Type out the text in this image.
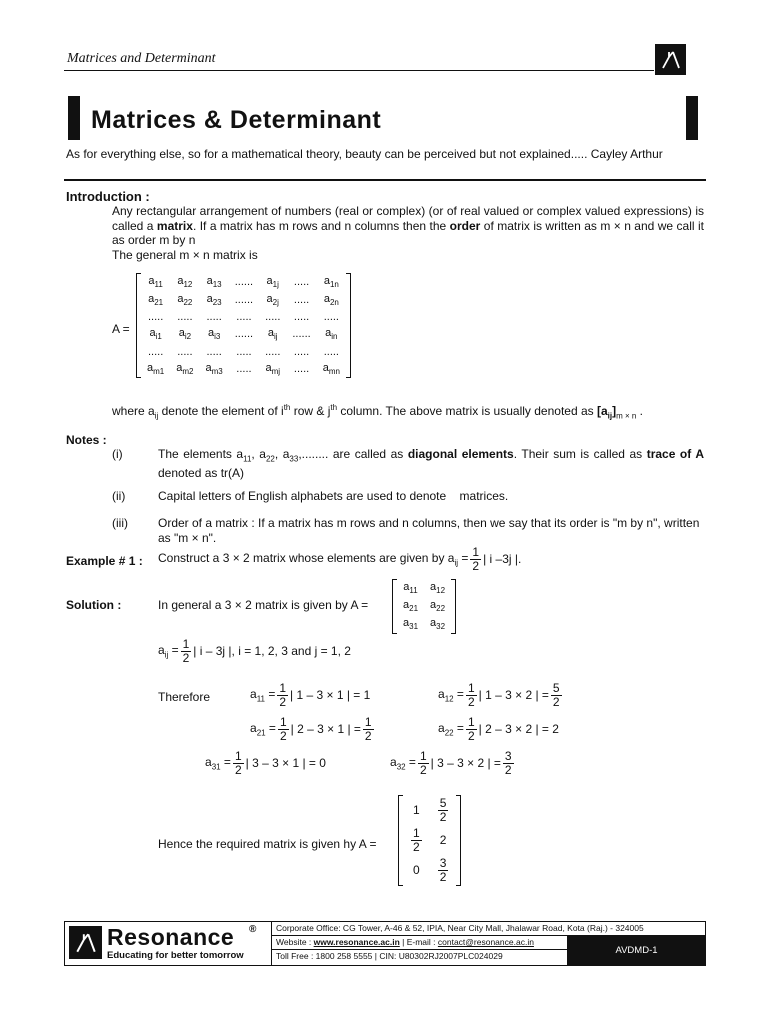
Matrices and Determinant
Matrices & Determinant
As for everything else, so for a mathematical theory, beauty can be perceived but not explained..... Cayley Arthur
Introduction :
Any rectangular arrangement of numbers (real or complex) (or of real valued or complex valued expressions) is called a matrix. If a matrix has m rows and n columns then the order of matrix is written as m × n and we call it as order m by n
The general m × n matrix is
A =
$a_{11}$	$a_{12}$	$a_{13}$	......	$a_{1j}$	.....	$a_{1n}$
$a_{21}$	$a_{22}$	$a_{23}$	......	$a_{2j}$	.....	$a_{2n}$
.....	.....	.....	.....	.....	.....	.....
$a_{i1}$	$a_{i2}$	$a_{i3}$	......	$a_{ij}$	......	$a_{in}$
.....	.....	.....	.....	.....	.....	.....
$a_{m1}$	$a_{m2}$	$a_{m3}$	.....	$a_{mj}$	.....	$a_{mn}$
where $a_{ij}$ denote the element of $i^{th}$ row & $j^{th}$ column. The above matrix is usually denoted as $[a_{ij}]_{m \times n}$ .
Notes :
(i)	The elements $a_{11}$, $a_{22}$, $a_{33}$,........ are called as diagonal elements. Their sum is called as trace of A denoted as tr(A)
(ii)	Capital letters of English alphabets are used to denote    matrices.
(iii)	Order of a matrix : If a matrix has m rows and n columns, then we say that its order is "m by n", written as "m × n".
Example # 1 : Construct a 3 × 2 matrix whose elements are given by $a_{ij} = \frac{1}{2}$ | i –3j |.
Solution :	In general a 3 × 2 matrix is given by A =
$a_{11}$	$a_{12}$
$a_{21}$	$a_{22}$
$a_{31}$	$a_{32}$
$a_{ij} = \frac{1}{2}$ | i – 3j |, i = 1, 2, 3 and j = 1, 2
Therefore	$a_{11} = \frac{1}{2}$ | 1 – 3 × 1 | = 1	$a_{12} = \frac{1}{2}$ | 1 – 3 × 2 | = $\frac{5}{2}$
$a_{21} = \frac{1}{2}$ | 2 – 3 × 1 | = $\frac{1}{2}$	$a_{22} = \frac{1}{2}$ | 2 – 3 × 2 | = 2
$a_{31} = \frac{1}{2}$ | 3 – 3 × 1 | = 0	$a_{32} = \frac{1}{2}$ | 3 – 3 × 2 | = $\frac{3}{2}$
Hence the required matrix is given hy A =
1	$\frac{5}{2}$

$\frac{1}{2}$	2
0	$\frac{3}{2}$
Resonance ®
Educating for better tomorrow
Corporate Office: CG Tower, A-46 & 52, IPIA, Near City Mall, Jhalawar Road, Kota (Raj.) - 324005
Website : www.resonance.ac.in | E-mail : contact@resonance.ac.in
Toll Free : 1800 258 5555 | CIN: U80302RJ2007PLC024029	AVDMD-1
